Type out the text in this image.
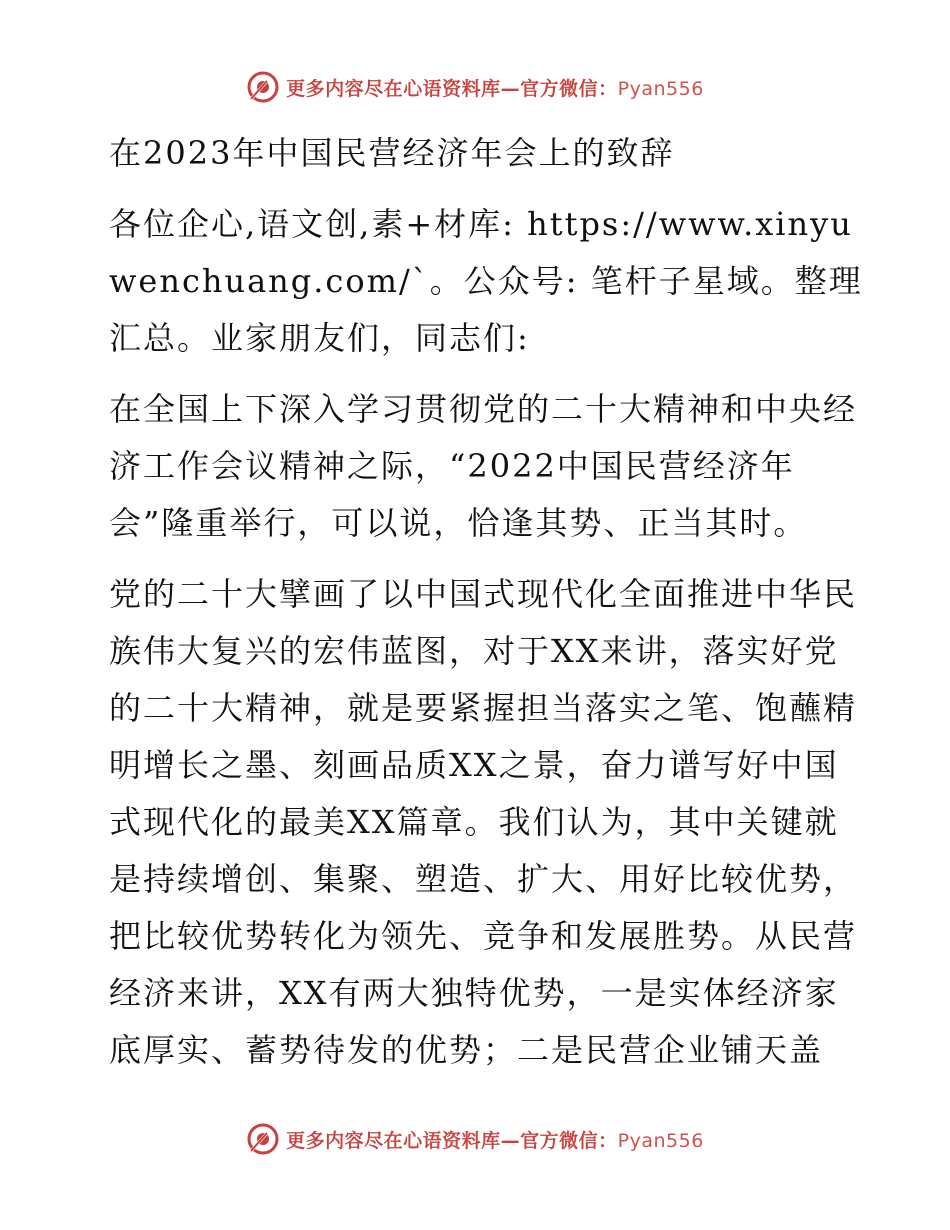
更多内容尽在心语资料库—官方微信：Pyan556

在2023年中国民营经济年会上的致辞

各位企心,语文创,素+材库: https://www.xinyuwenchuang.com/`。公众号: 笔杆子星域。整理汇总。业家朋友们，同志们:

在全国上下深入学习贯彻党的二十大精神和中央经济工作会议精神之际，“2022中国民营经济年会”隆重举行，可以说，恰逢其势、正当其时。

党的二十大擘画了以中国式现代化全面推进中华民族伟大复兴的宏伟蓝图，对于XX来讲，落实好党的二十大精神，就是要紧握担当落实之笔、饱蘸精明增长之墨、刻画品质XX之景，奋力谱写好中国式现代化的最美XX篇章。我们认为，其中关键就是持续增创、集聚、塑造、扩大、用好比较优势，把比较优势转化为领先、竞争和发展胜势。从民营经济来讲，XX有两大独特优势，一是实体经济家底厚实、蓄势待发的优势；二是民营企业铺天盖

更多内容尽在心语资料库—官方微信：Pyan556
